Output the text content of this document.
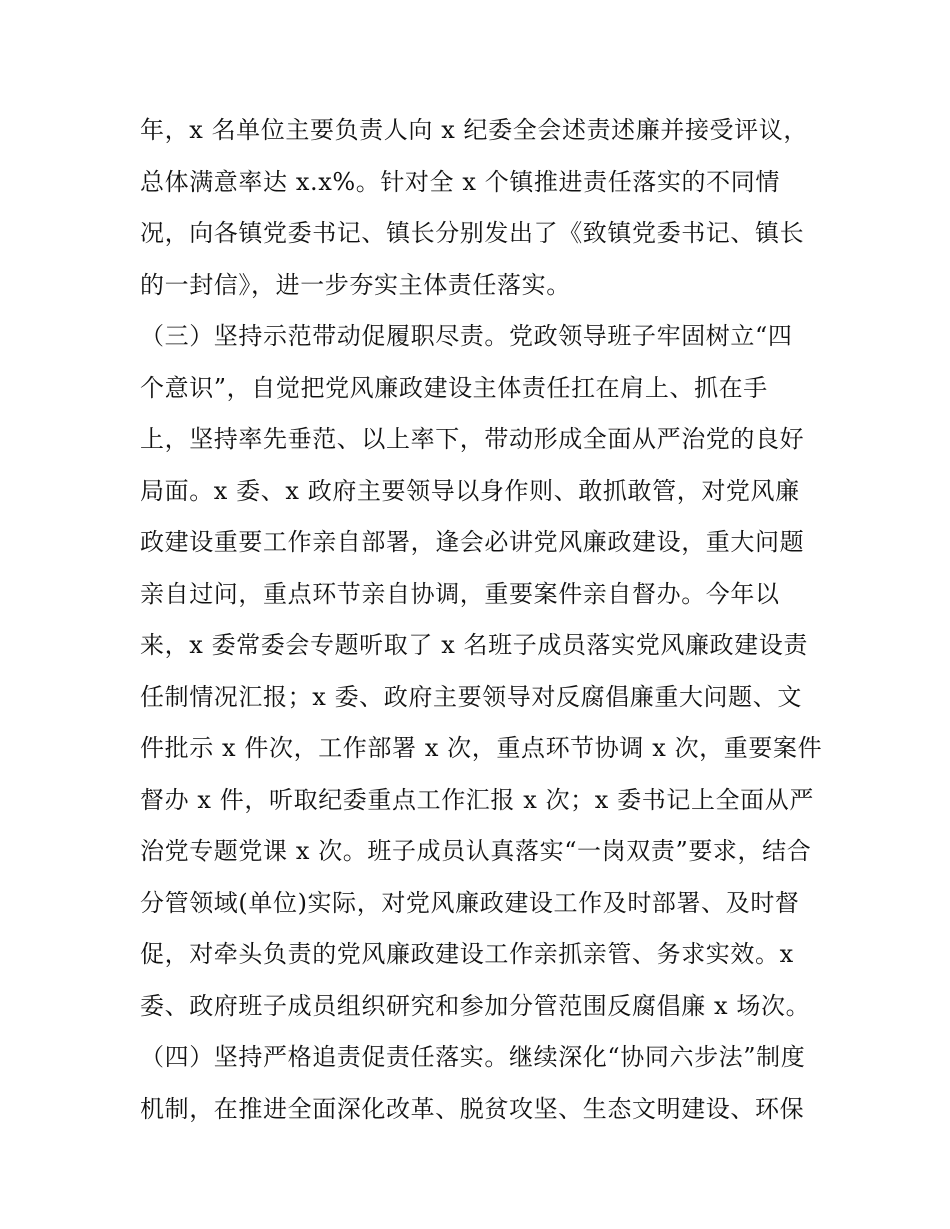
年，x 名单位主要负责人向 x 纪委全会述责述廉并接受评议，
总体满意率达 x.x%。针对全 x 个镇推进责任落实的不同情
况，向各镇党委书记、镇长分别发出了《致镇党委书记、镇长
的一封信》，进一步夯实主体责任落实。
（三）坚持示范带动促履职尽责。党政领导班子牢固树立“四
个意识”，自觉把党风廉政建设主体责任扛在肩上、抓在手
上，坚持率先垂范、以上率下，带动形成全面从严治党的良好
局面。x 委、x 政府主要领导以身作则、敢抓敢管，对党风廉
政建设重要工作亲自部署，逢会必讲党风廉政建设，重大问题
亲自过问，重点环节亲自协调，重要案件亲自督办。今年以
来，x 委常委会专题听取了 x 名班子成员落实党风廉政建设责
任制情况汇报；x 委、政府主要领导对反腐倡廉重大问题、文
件批示 x 件次，工作部署 x 次，重点环节协调 x 次，重要案件
督办 x 件，听取纪委重点工作汇报 x 次；x 委书记上全面从严
治党专题党课 x 次。班子成员认真落实“一岗双责”要求，结合
分管领域(单位)实际，对党风廉政建设工作及时部署、及时督
促，对牵头负责的党风廉政建设工作亲抓亲管、务求实效。x
委、政府班子成员组织研究和参加分管范围反腐倡廉 x 场次。
（四）坚持严格追责促责任落实。继续深化“协同六步法”制度
机制，在推进全面深化改革、脱贫攻坚、生态文明建设、环保
